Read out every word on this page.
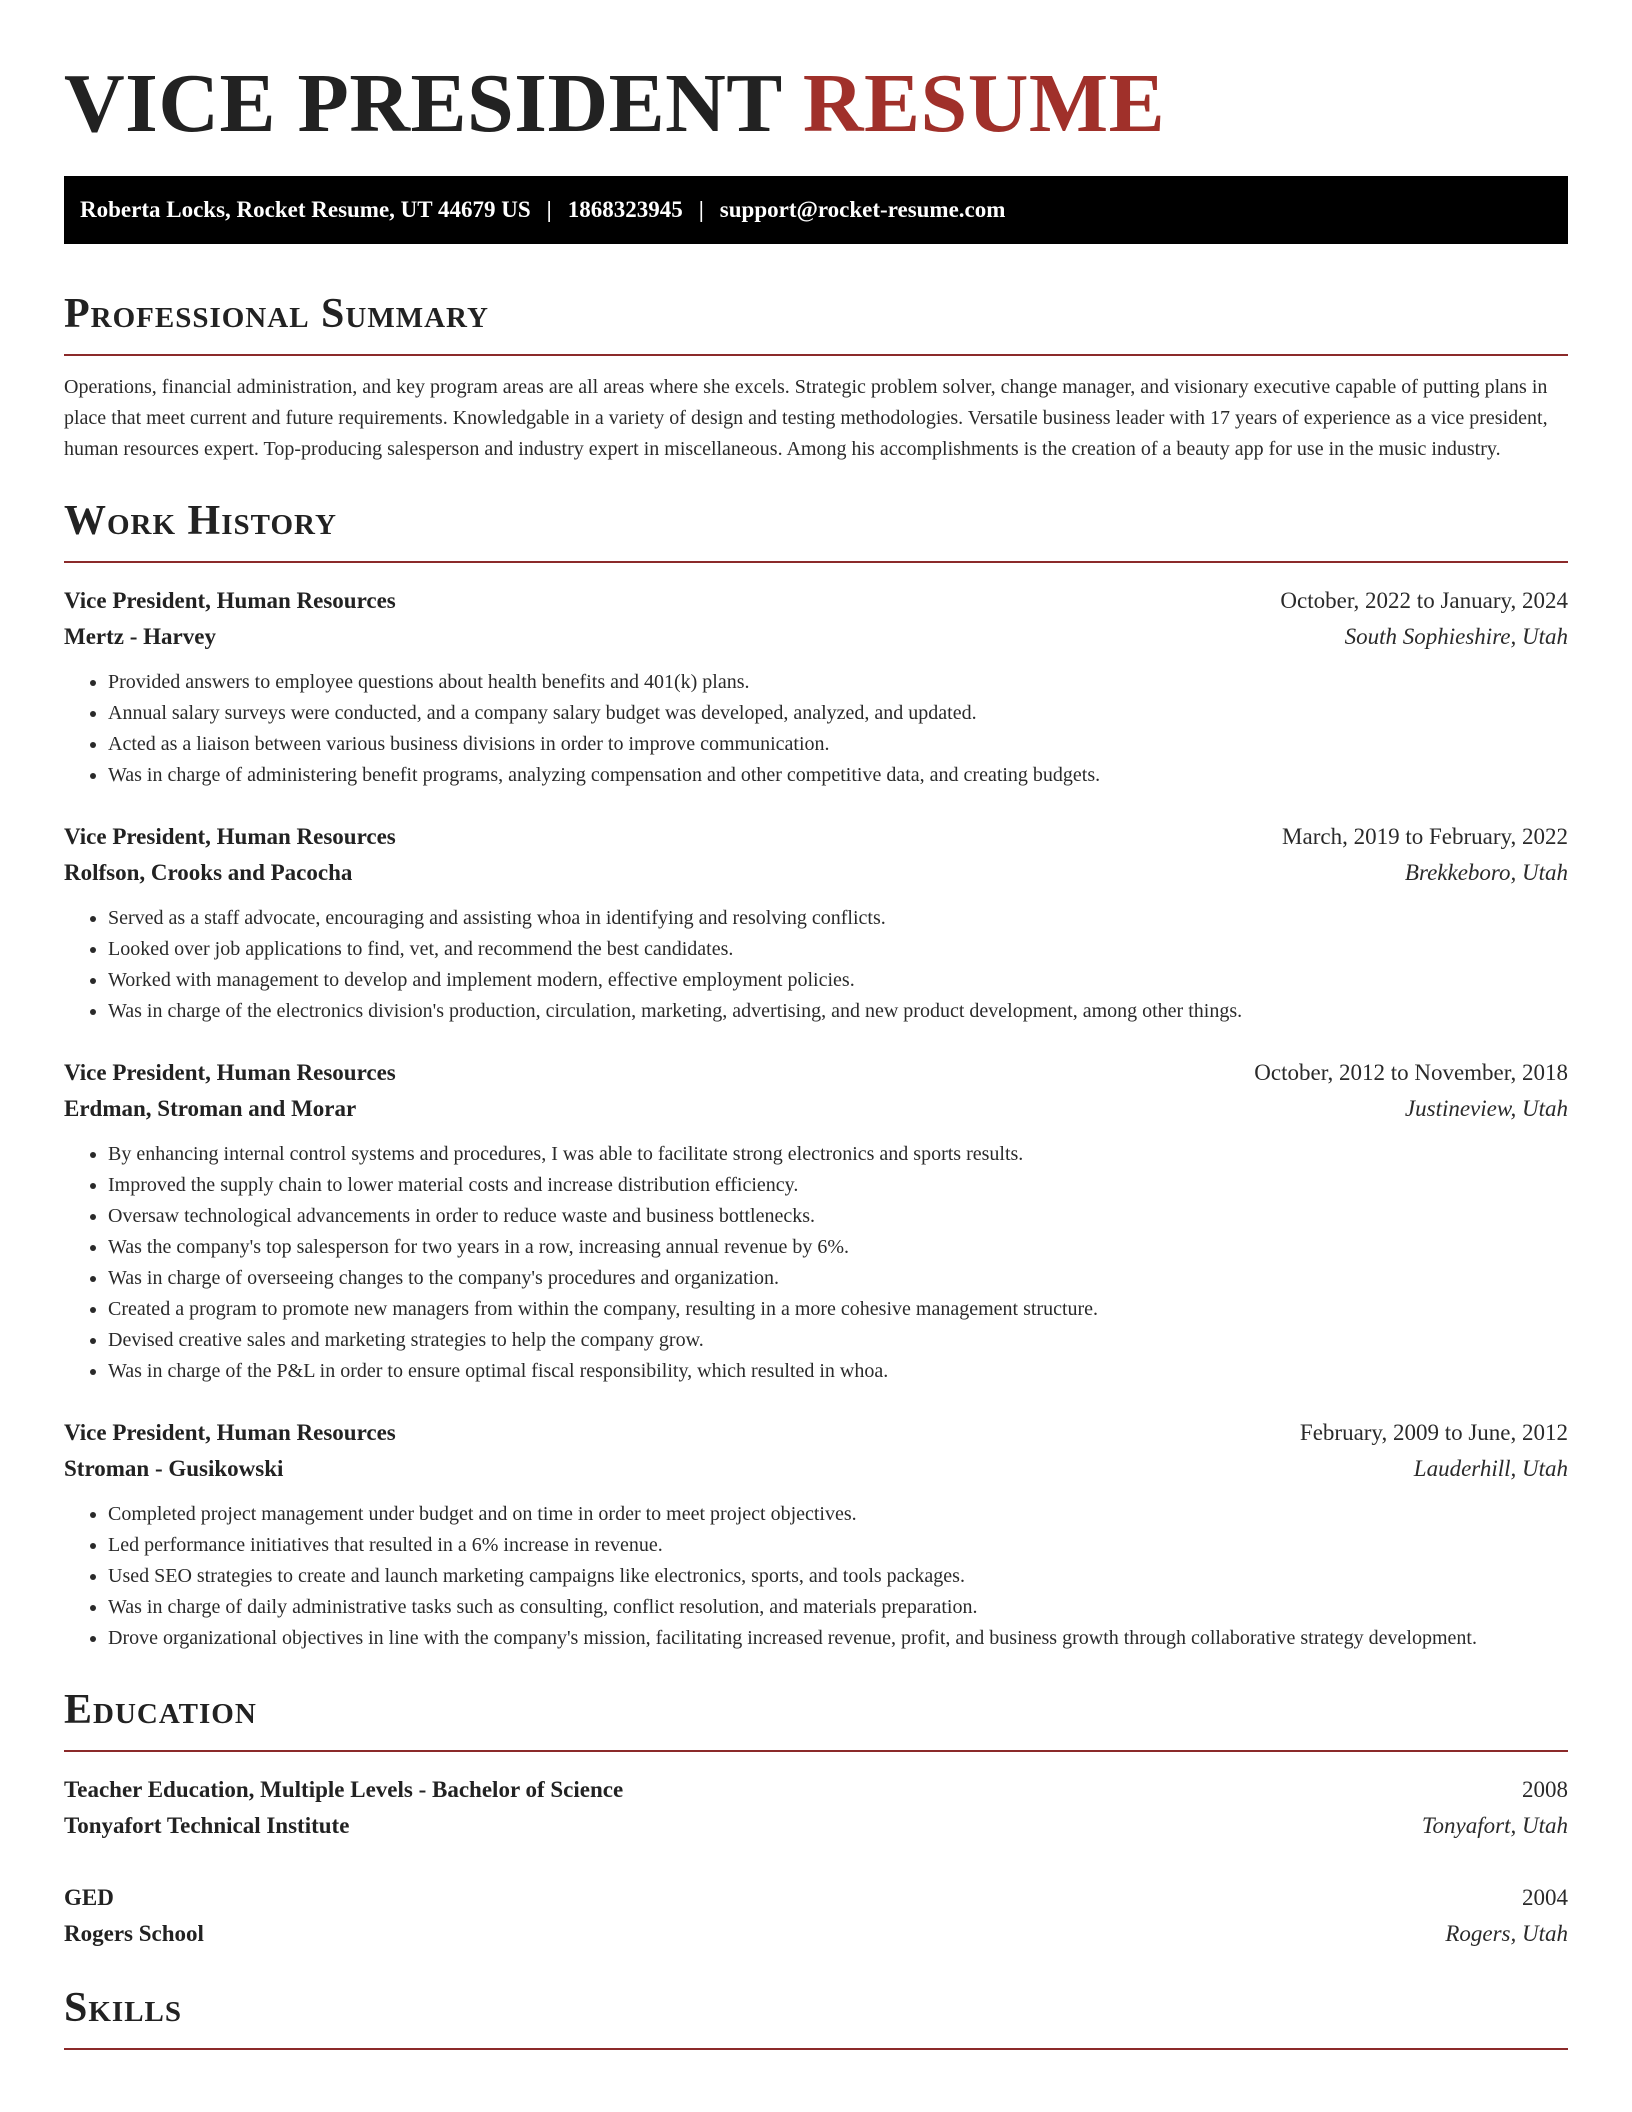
VICE PRESIDENT RESUME
Roberta Locks, Rocket Resume, UT 44679 US | 1868323945 | support@rocket-resume.com
Professional Summary

Operations, financial administration, and key program areas are all areas where she excels. Strategic problem solver, change manager, and visionary executive capable of putting plans in place that meet current and future requirements. Knowledgable in a variety of design and testing methodologies. Versatile business leader with 17 years of experience as a vice president, human resources expert. Top-producing salesperson and industry expert in miscellaneous. Among his accomplishments is the creation of a beauty app for use in the music industry.

Work History
Vice President, Human Resources	October, 2022 to January, 2024
Mertz - Harvey	South Sophieshire, Utah
• Provided answers to employee questions about health benefits and 401(k) plans.
• Annual salary surveys were conducted, and a company salary budget was developed, analyzed, and updated.
• Acted as a liaison between various business divisions in order to improve communication.
• Was in charge of administering benefit programs, analyzing compensation and other competitive data, and creating budgets.
Vice President, Human Resources	March, 2019 to February, 2022
Rolfson, Crooks and Pacocha	Brekkeboro, Utah
• Served as a staff advocate, encouraging and assisting whoa in identifying and resolving conflicts.
• Looked over job applications to find, vet, and recommend the best candidates.
• Worked with management to develop and implement modern, effective employment policies.
• Was in charge of the electronics division's production, circulation, marketing, advertising, and new product development, among other things.
Vice President, Human Resources	October, 2012 to November, 2018
Erdman, Stroman and Morar	Justineview, Utah
• By enhancing internal control systems and procedures, I was able to facilitate strong electronics and sports results.
• Improved the supply chain to lower material costs and increase distribution efficiency.
• Oversaw technological advancements in order to reduce waste and business bottlenecks.
• Was the company's top salesperson for two years in a row, increasing annual revenue by 6%.
• Was in charge of overseeing changes to the company's procedures and organization.
• Created a program to promote new managers from within the company, resulting in a more cohesive management structure.
• Devised creative sales and marketing strategies to help the company grow.
• Was in charge of the P&L in order to ensure optimal fiscal responsibility, which resulted in whoa.
Vice President, Human Resources	February, 2009 to June, 2012
Stroman - Gusikowski	Lauderhill, Utah
• Completed project management under budget and on time in order to meet project objectives.
• Led performance initiatives that resulted in a 6% increase in revenue.
• Used SEO strategies to create and launch marketing campaigns like electronics, sports, and tools packages.
• Was in charge of daily administrative tasks such as consulting, conflict resolution, and materials preparation.
• Drove organizational objectives in line with the company's mission, facilitating increased revenue, profit, and business growth through collaborative strategy development.
Education
Teacher Education, Multiple Levels - Bachelor of Science	2008
Tonyafort Technical Institute	Tonyafort, Utah
GED	2004
Rogers School	Rogers, Utah
Skills
